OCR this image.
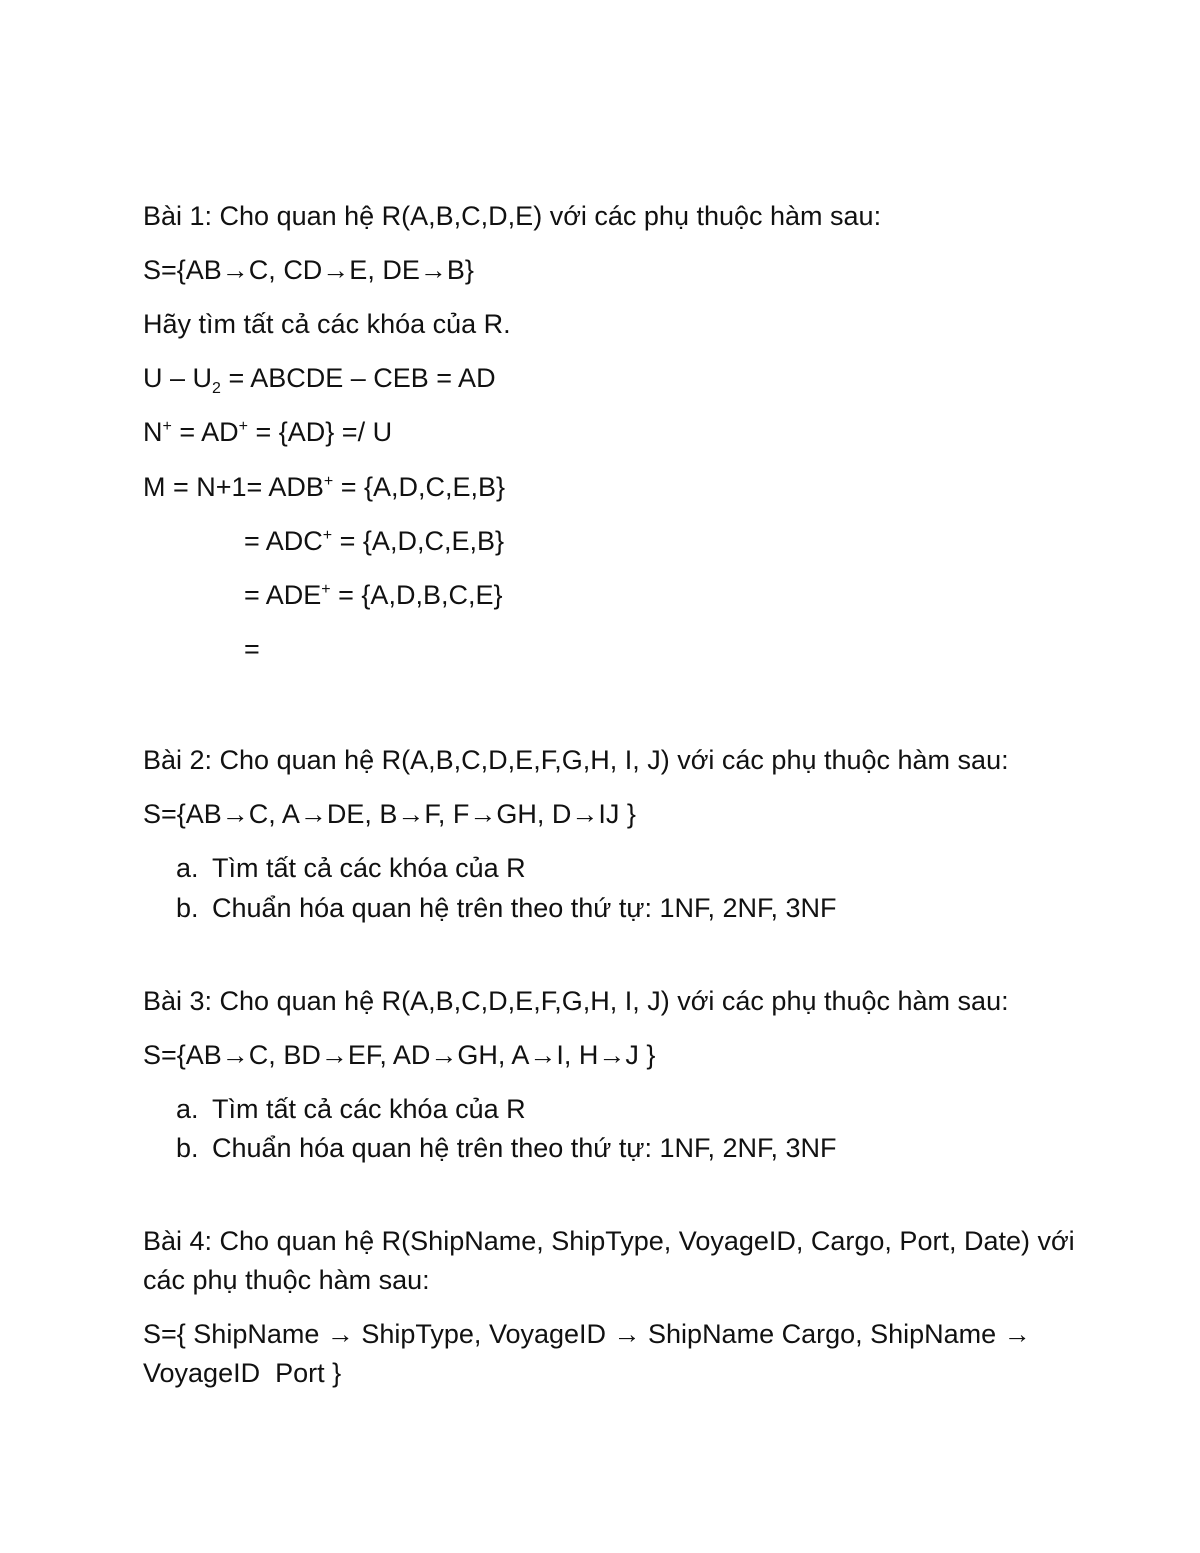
Bài 1: Cho quan hệ R(A,B,C,D,E) với các phụ thuộc hàm sau:
S={AB→C, CD→E, DE→B}
Hãy tìm tất cả các khóa của R.
U – $U_2$ = ABCDE – CEB = AD
N+ = AD+ = {AD} =/ U
M = N+1= ADB+ = {A,D,C,E,B}
= ADC+ = {A,D,C,E,B}
= ADE+ = {A,D,B,C,E}
=
Bài 2: Cho quan hệ R(A,B,C,D,E,F,G,H, I, J) với các phụ thuộc hàm sau:
S={AB→C, A→DE, B→F, F→GH, D→IJ }
a. Tìm tất cả các khóa của R
b. Chuẩn hóa quan hệ trên theo thứ tự: 1NF, 2NF, 3NF
Bài 3: Cho quan hệ R(A,B,C,D,E,F,G,H, I, J) với các phụ thuộc hàm sau:
S={AB→C, BD→EF, AD→GH, A→I, H→J }
a. Tìm tất cả các khóa của R
b. Chuẩn hóa quan hệ trên theo thứ tự: 1NF, 2NF, 3NF
Bài 4: Cho quan hệ R(ShipName, ShipType, VoyageID, Cargo, Port, Date) với
các phụ thuộc hàm sau:
S={ ShipName → ShipType, VoyageID → ShipName Cargo, ShipName →
VoyageID  Port }
